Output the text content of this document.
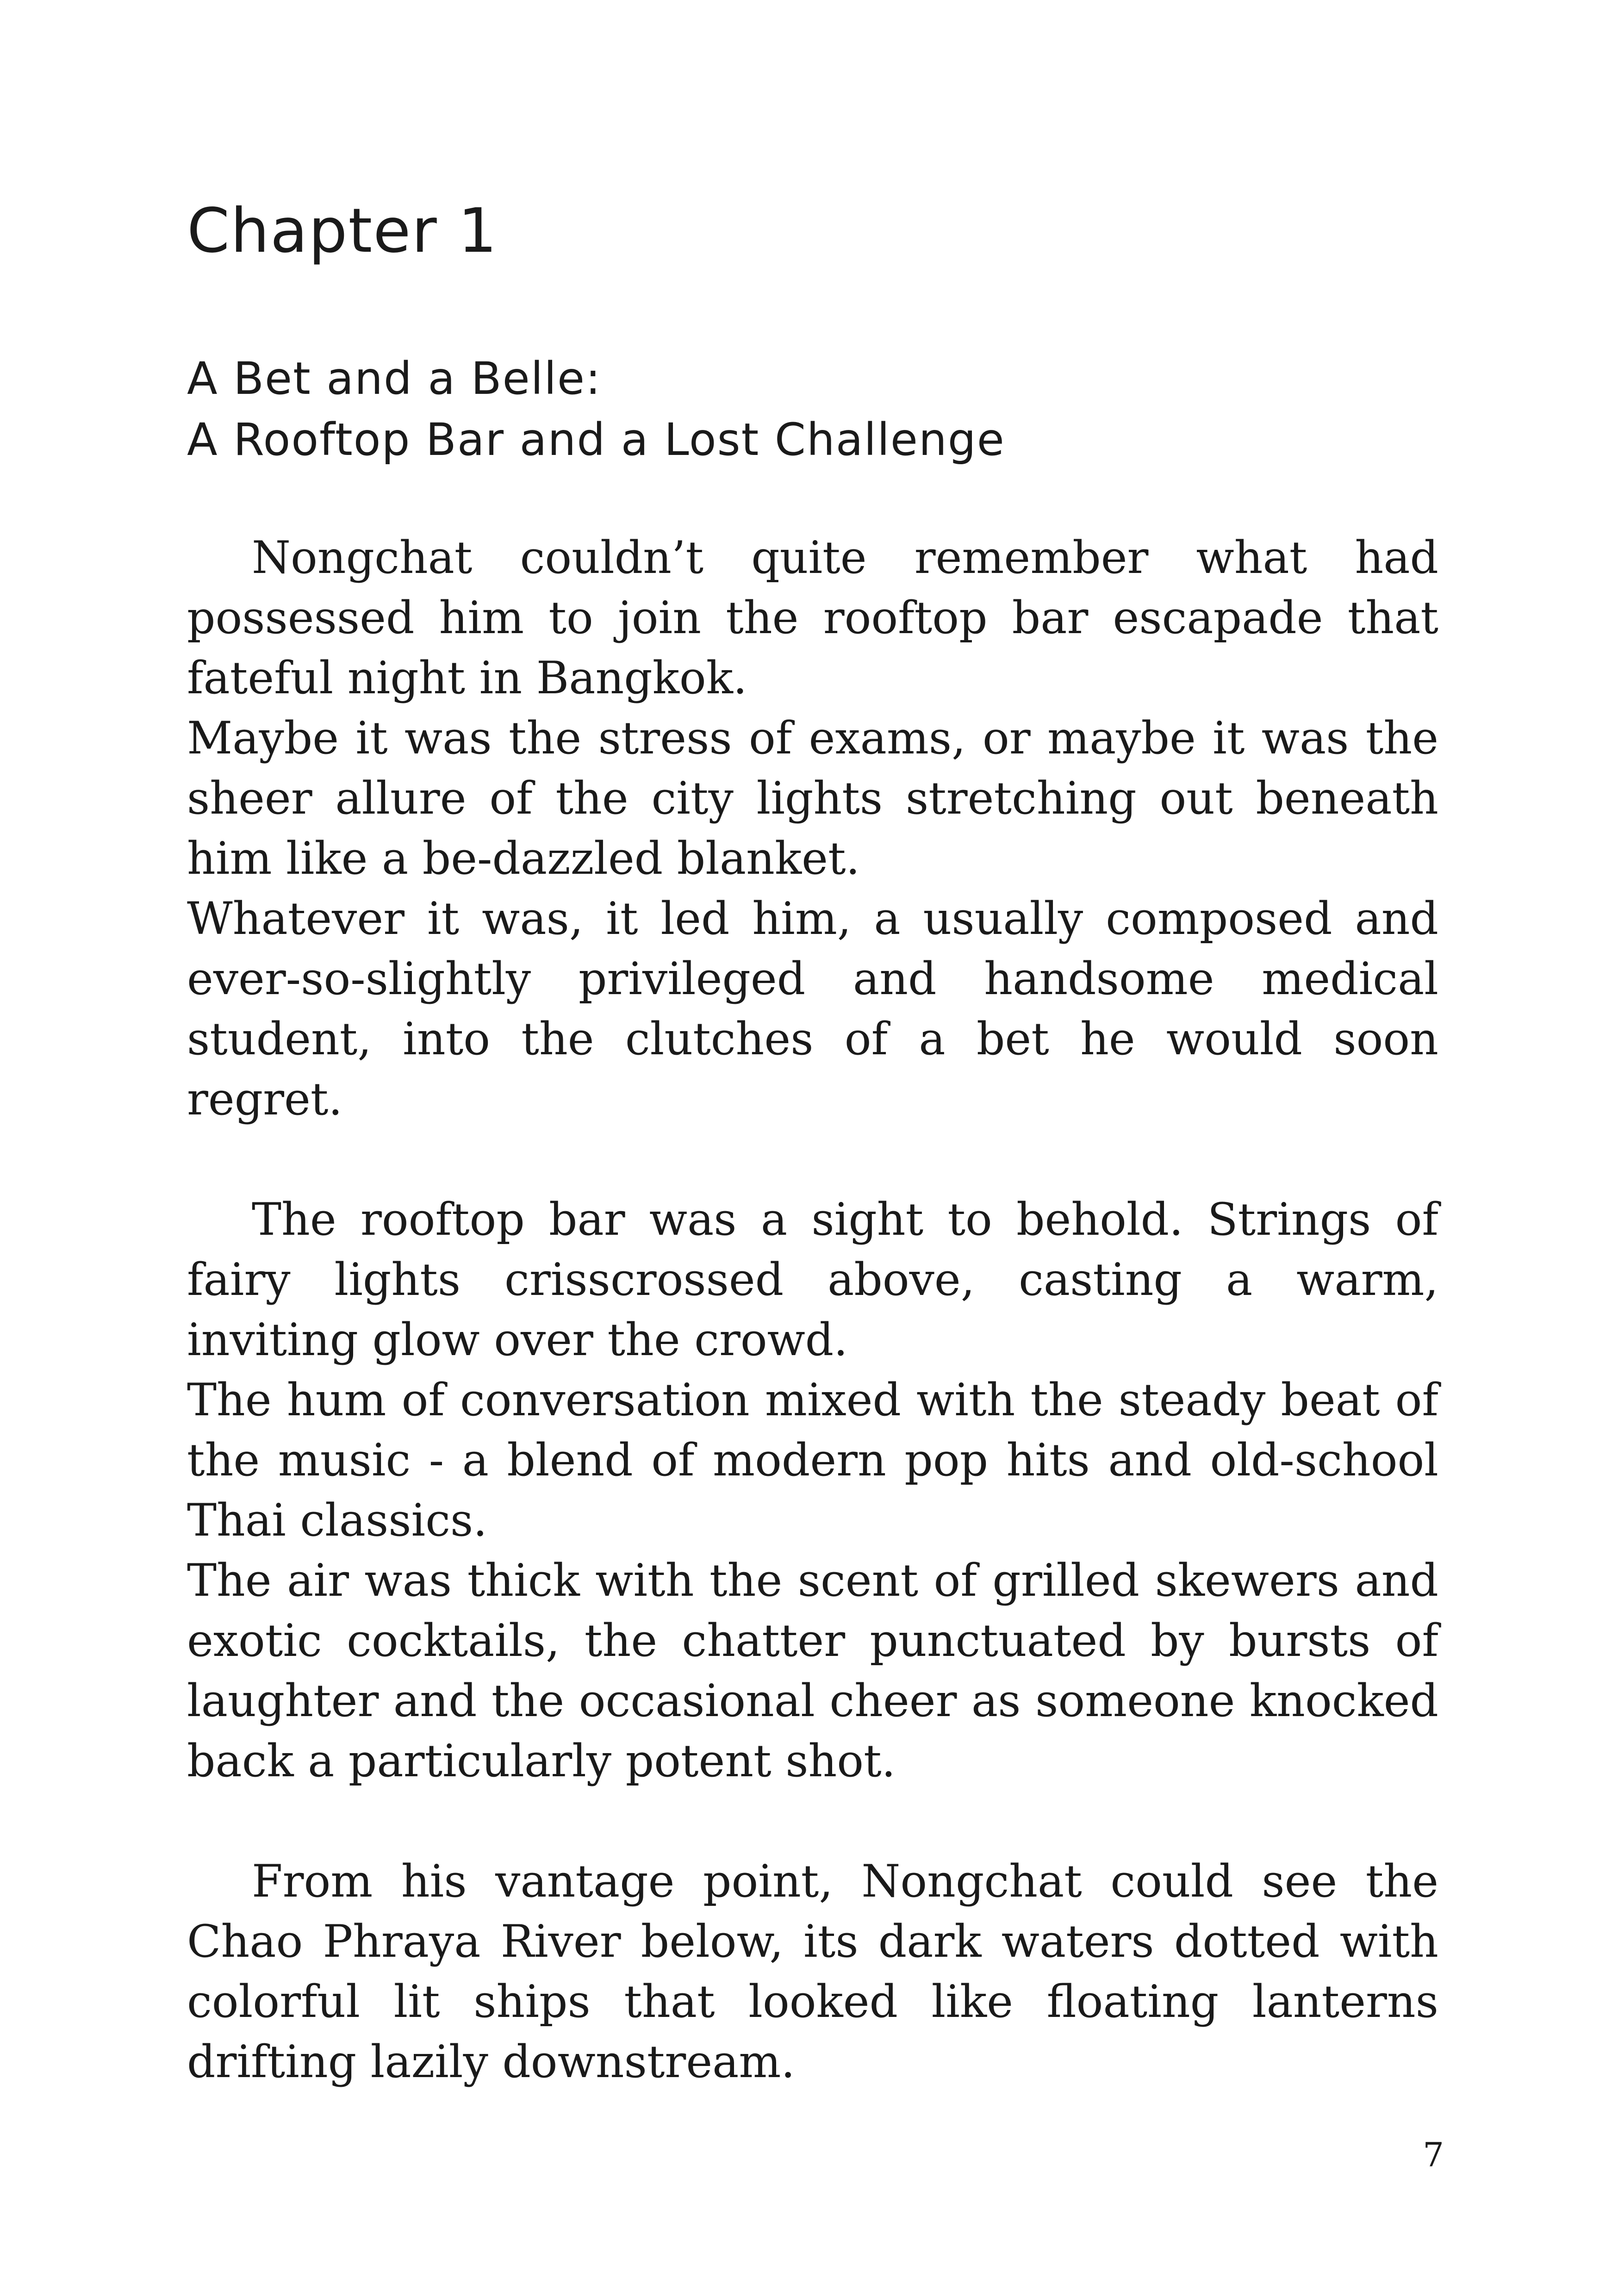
Chapter 1
A Bet and a Belle:
A Rooftop Bar and a Lost Challenge

Nongchat couldn’t quite remember what had possessed him to join the rooftop bar escapade that fateful night in Bangkok.

Maybe it was the stress of exams, or maybe it was the sheer allure of the city lights stretching out beneath him like a be-dazzled blanket.

Whatever it was, it led him, a usually composed and ever-so-slightly privileged and handsome medical student, into the clutches of a bet he would soon regret.

The rooftop bar was a sight to behold. Strings of fairy lights crisscrossed above, casting a warm, inviting glow over the crowd.

The hum of conversation mixed with the steady beat of the music - a blend of modern pop hits and old-school Thai classics.

The air was thick with the scent of grilled skewers and exotic cocktails, the chatter punctuated by bursts of laughter and the occasional cheer as someone knocked back a particularly potent shot.

From his vantage point, Nongchat could see the Chao Phraya River below, its dark waters dotted with colorful lit ships that looked like floating lanterns drifting lazily downstream.

7
